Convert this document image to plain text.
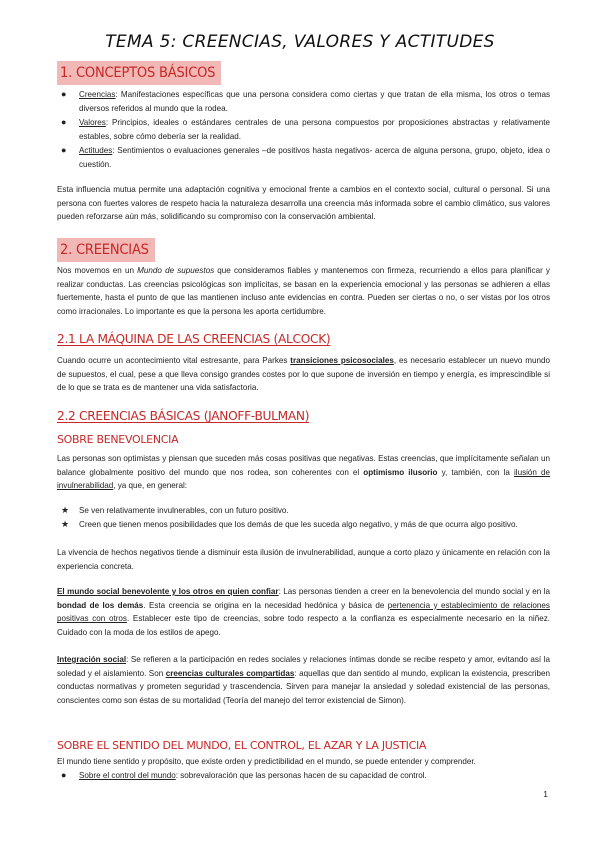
TEMA 5: CREENCIAS, VALORES Y ACTITUDES
1. CONCEPTOS BÁSICOS
● Creencias: Manifestaciones específicas que una persona considera como ciertas y que tratan de ella misma, los otros o temas diversos referidos al mundo que la rodea.

● Valores: Principios, ideales o estándares centrales de una persona compuestos por proposiciones abstractas y relativamente estables, sobre cómo debería ser la realidad.

● Actitudes: Sentimientos o evaluaciones generales –de positivos hasta negativos- acerca de alguna persona, grupo, objeto, idea o cuestión.

Esta influencia mutua permite una adaptación cognitiva y emocional frente a cambios en el contexto social, cultural o personal. Si una persona con fuertes valores de respeto hacia la naturaleza desarrolla una creencia más informada sobre el cambio climático, sus valores pueden reforzarse aún más, solidificando su compromiso con la conservación ambiental.

2. CREENCIAS

Nos movemos en un Mundo de supuestos que consideramos fiables y mantenemos con firmeza, recurriendo a ellos para planificar y realizar conductas. Las creencias psicológicas son implícitas, se basan en la experiencia emocional y las personas se adhieren a ellas fuertemente, hasta el punto de que las mantienen incluso ante evidencias en contra. Pueden ser ciertas o no, o ser vistas por los otros como irracionales. Lo importante es que la persona les aporta certidumbre.

2.1 LA MÁQUINA DE LAS CREENCIAS (ALCOCK)

Cuando ocurre un acontecimiento vital estresante, para Parkes transiciones psicosociales, es necesario establecer un nuevo mundo de supuestos, el cual, pese a que lleva consigo grandes costes por lo que supone de inversión en tiempo y energía, es imprescindible si de lo que se trata es de mantener una vida satisfactoria.

2.2 CREENCIAS BÁSICAS (JANOFF-BULMAN)
SOBRE BENEVOLENCIA

Las personas son optimistas y piensan que suceden más cosas positivas que negativas. Estas creencias, que implícitamente señalan un balance globalmente positivo del mundo que nos rodea, son coherentes con el optimismo ilusorio y, también, con la ilusión de invulnerabilidad, ya que, en general:

★ Se ven relativamente invulnerables, con un futuro positivo.

★ Creen que tienen menos posibilidades que los demás de que les suceda algo negativo, y más de que ocurra algo positivo.

La vivencia de hechos negativos tiende a disminuir esta ilusión de invulnerabilidad, aunque a corto plazo y únicamente en relación con la experiencia concreta.

El mundo social benevolente y los otros en quien confiar: Las personas tienden a creer en la benevolencia del mundo social y en la bondad de los demás. Esta creencia se origina en la necesidad hedónica y básica de pertenencia y establecimiento de relaciones positivas con otros. Establecer este tipo de creencias, sobre todo respecto a la confianza es especialmente necesario en la niñez. Cuidado con la moda de los estilos de apego.

Integración social: Se refieren a la participación en redes sociales y relaciones íntimas donde se recibe respeto y amor, evitando así la soledad y el aislamiento. Son creencias culturales compartidas: aquellas que dan sentido al mundo, explican la existencia, prescriben conductas normativas y prometen seguridad y trascendencia. Sirven para manejar la ansiedad y soledad existencial de las personas, conscientes como son éstas de su mortalidad (Teoría del manejo del terror existencial de Simon).

SOBRE EL SENTIDO DEL MUNDO, EL CONTROL, EL AZAR Y LA JUSTICIA

El mundo tiene sentido y propósito, que existe orden y predictibilidad en el mundo, se puede entender y comprender.

● Sobre el control del mundo: sobrevaloración que las personas hacen de su capacidad de control.

1
